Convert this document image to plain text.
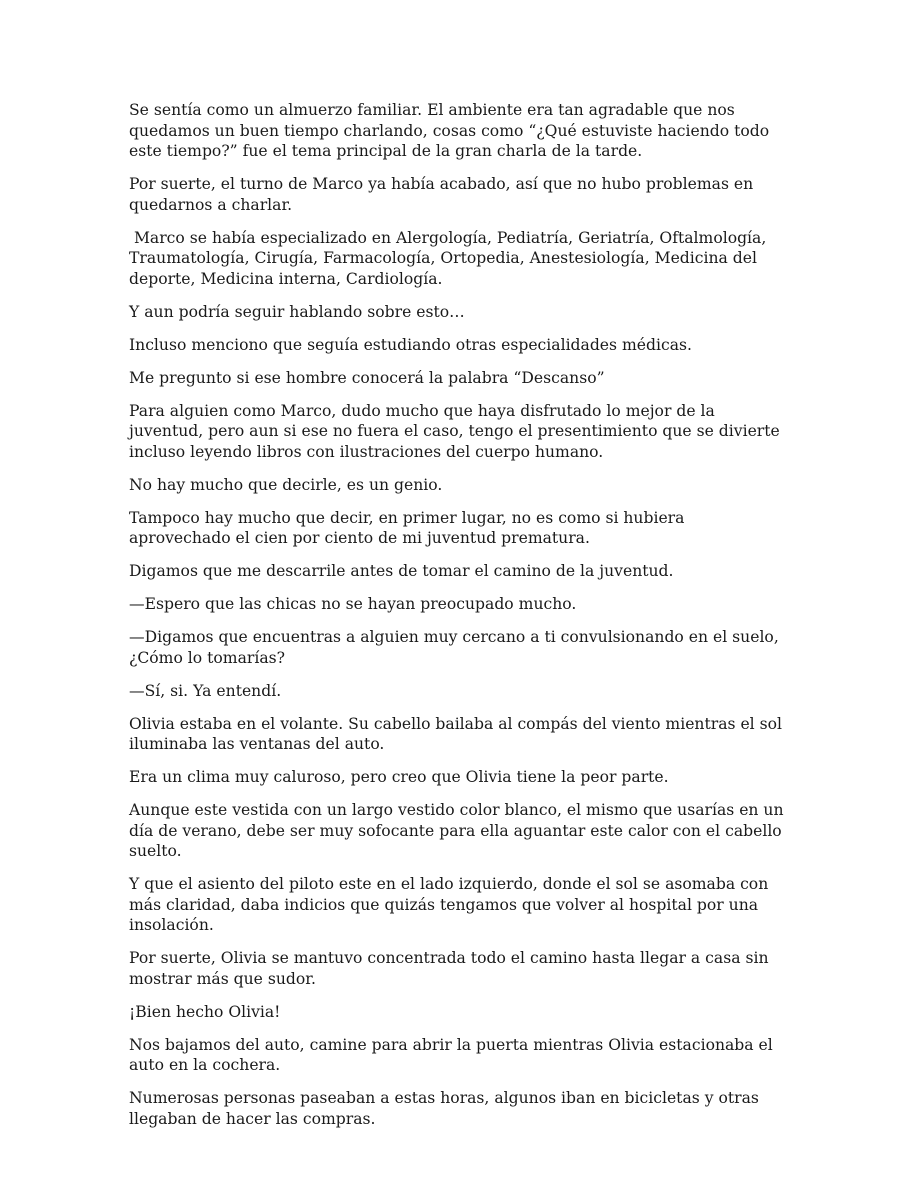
Se sentía como un almuerzo familiar. El ambiente era tan agradable que nos quedamos un buen tiempo charlando, cosas como “¿Qué estuviste haciendo todo este tiempo?” fue el tema principal de la gran charla de la tarde.

Por suerte, el turno de Marco ya había acabado, así que no hubo problemas en quedarnos a charlar.

Marco se había especializado en Alergología, Pediatría, Geriatría, Oftalmología, Traumatología, Cirugía, Farmacología, Ortopedia, Anestesiología, Medicina del deporte, Medicina interna, Cardiología.

Y aun podría seguir hablando sobre esto…

Incluso menciono que seguía estudiando otras especialidades médicas.

Me pregunto si ese hombre conocerá la palabra “Descanso”

Para alguien como Marco, dudo mucho que haya disfrutado lo mejor de la juventud, pero aun si ese no fuera el caso, tengo el presentimiento que se divierte incluso leyendo libros con ilustraciones del cuerpo humano.

No hay mucho que decirle, es un genio.

Tampoco hay mucho que decir, en primer lugar, no es como si hubiera aprovechado el cien por ciento de mi juventud prematura.

Digamos que me descarrile antes de tomar el camino de la juventud.

—Espero que las chicas no se hayan preocupado mucho.

—Digamos que encuentras a alguien muy cercano a ti convulsionando en el suelo, ¿Cómo lo tomarías?

—Sí, si. Ya entendí.

Olivia estaba en el volante. Su cabello bailaba al compás del viento mientras el sol iluminaba las ventanas del auto.

Era un clima muy caluroso, pero creo que Olivia tiene la peor parte.

Aunque este vestida con un largo vestido color blanco, el mismo que usarías en un día de verano, debe ser muy sofocante para ella aguantar este calor con el cabello suelto.

Y que el asiento del piloto este en el lado izquierdo, donde el sol se asomaba con más claridad, daba indicios que quizás tengamos que volver al hospital por una insolación.

Por suerte, Olivia se mantuvo concentrada todo el camino hasta llegar a casa sin mostrar más que sudor.

¡Bien hecho Olivia!

Nos bajamos del auto, camine para abrir la puerta mientras Olivia estacionaba el auto en la cochera.

Numerosas personas paseaban a estas horas, algunos iban en bicicletas y otras llegaban de hacer las compras.
